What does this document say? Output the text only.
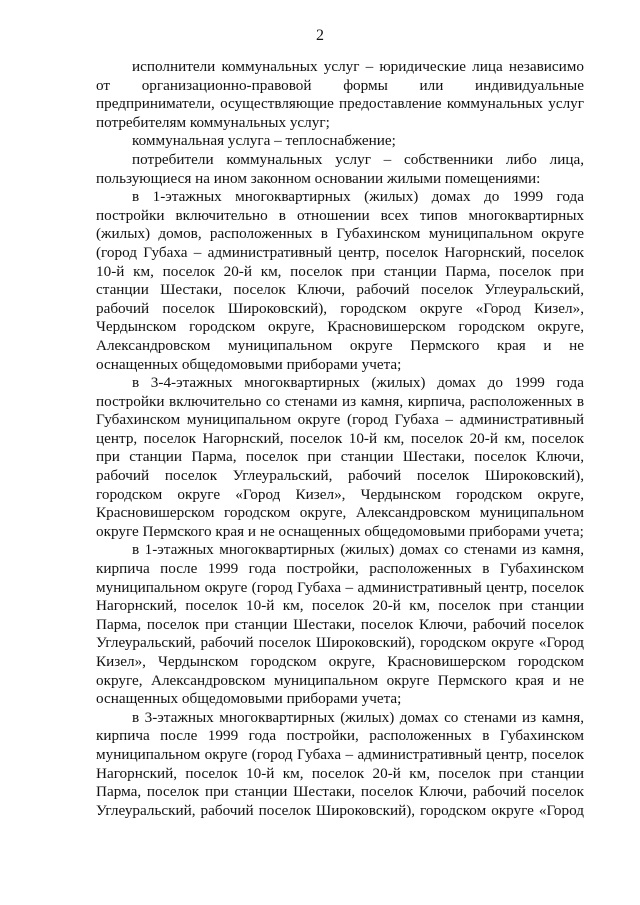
2

исполнители коммунальных услуг – юридические лица независимо от организационно-правовой формы или индивидуальные предприниматели, осуществляющие предоставление коммунальных услуг потребителям коммунальных услуг;

коммунальная услуга – теплоснабжение;

потребители коммунальных услуг – собственники либо лица, пользующиеся на ином законном основании жилыми помещениями:

в 1-этажных многоквартирных (жилых) домах до 1999 года постройки включительно в отношении всех типов многоквартирных (жилых) домов, расположенных в Губахинском муниципальном округе (город Губаха – административный центр, поселок Нагорнский, поселок 10-й км, поселок 20-й км, поселок при станции Парма, поселок при станции Шестаки, поселок Ключи, рабочий поселок Углеуральский, рабочий поселок Широковский), городском округе «Город Кизел», Чердынском городском округе, Красновишерском городском округе, Александровском муниципальном округе Пермского края и не оснащенных общедомовыми приборами учета;

в 3-4-этажных многоквартирных (жилых) домах до 1999 года постройки включительно со стенами из камня, кирпича, расположенных в Губахинском муниципальном округе (город Губаха – административный центр, поселок Нагорнский, поселок 10-й км, поселок 20-й км, поселок при станции Парма, поселок при станции Шестаки, поселок Ключи, рабочий поселок Углеуральский, рабочий поселок Широковский), городском округе «Город Кизел», Чердынском городском округе, Красновишерском городском округе, Александровском муниципальном округе Пермского края и не оснащенных общедомовыми приборами учета;

в 1-этажных многоквартирных (жилых) домах со стенами из камня, кирпича после 1999 года постройки, расположенных в Губахинском муниципальном округе (город Губаха – административный центр, поселок Нагорнский, поселок 10-й км, поселок 20-й км, поселок при станции Парма, поселок при станции Шестаки, поселок Ключи, рабочий поселок Углеуральский, рабочий поселок Широковский), городском округе «Город Кизел», Чердынском городском округе, Красновишерском городском округе, Александровском муниципальном округе Пермского края и не оснащенных общедомовыми приборами учета;

в 3-этажных многоквартирных (жилых) домах со стенами из камня, кирпича после 1999 года постройки, расположенных в Губахинском муниципальном округе (город Губаха – административный центр, поселок Нагорнский, поселок 10-й км, поселок 20-й км, поселок при станции Парма, поселок при станции Шестаки, поселок Ключи, рабочий поселок Углеуральский, рабочий поселок Широковский), городском округе «Город
